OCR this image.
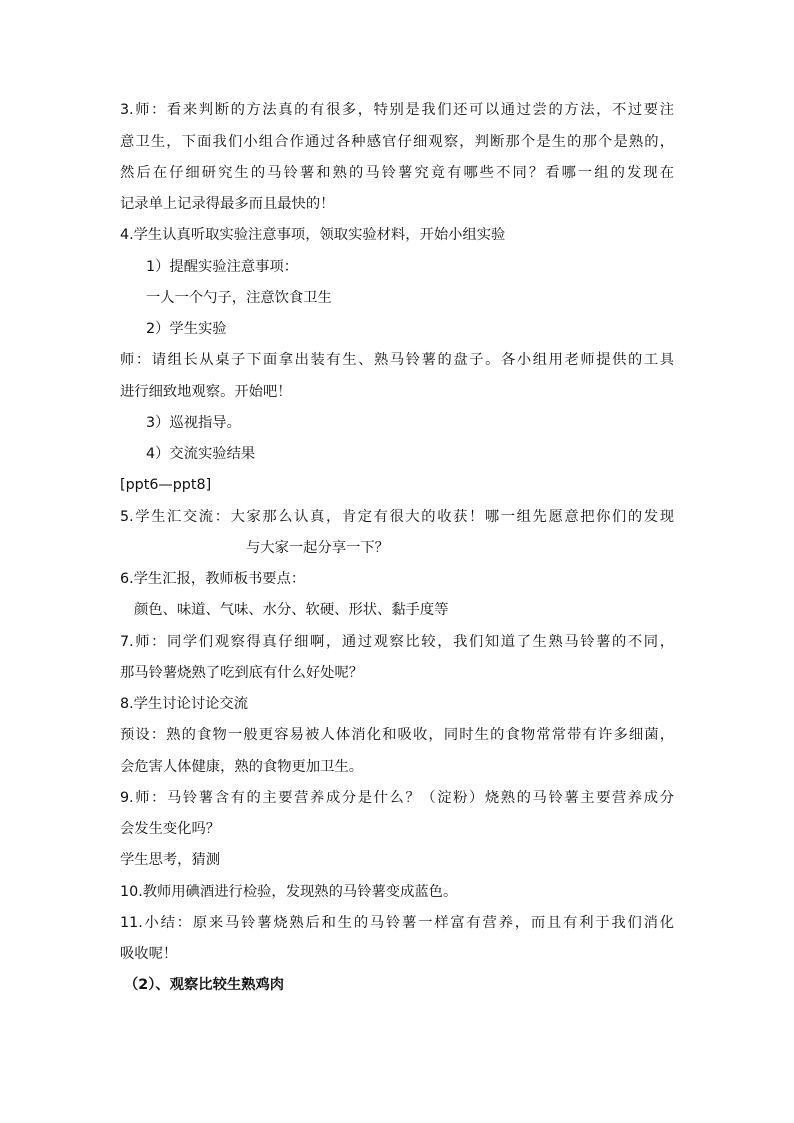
3.师：看来判断的方法真的有很多，特别是我们还可以通过尝的方法，不过要注
意卫生，下面我们小组合作通过各种感官仔细观察，判断那个是生的那个是熟的，
然后在仔细研究生的马铃薯和熟的马铃薯究竟有哪些不同？看哪一组的发现在
记录单上记录得最多而且最快的！
4.学生认真听取实验注意事项，领取实验材料，开始小组实验
1）提醒实验注意事项：
一人一个勺子，注意饮食卫生
2）学生实验
师：请组长从桌子下面拿出装有生、熟马铃薯的盘子。各小组用老师提供的工具
进行细致地观察。开始吧！
3）巡视指导。
4）交流实验结果
[ppt6—ppt8]
5.学生汇交流：大家那么认真，肯定有很大的收获！哪一组先愿意把你们的发现
与大家一起分享一下？
6.学生汇报，教师板书要点：
颜色、味道、气味、水分、软硬、形状、黏手度等
7.师：同学们观察得真仔细啊，通过观察比较，我们知道了生熟马铃薯的不同，
那马铃薯烧熟了吃到底有什么好处呢？
8.学生讨论讨论交流
预设：熟的食物一般更容易被人体消化和吸收，同时生的食物常常带有许多细菌，
会危害人体健康，熟的食物更加卫生。
9.师：马铃薯含有的主要营养成分是什么？（淀粉）烧熟的马铃薯主要营养成分
会发生变化吗？
学生思考，猜测
10.教师用碘酒进行检验，发现熟的马铃薯变成蓝色。
11.小结：原来马铃薯烧熟后和生的马铃薯一样富有营养，而且有利于我们消化
吸收呢！
（2）、观察比较生熟鸡肉
